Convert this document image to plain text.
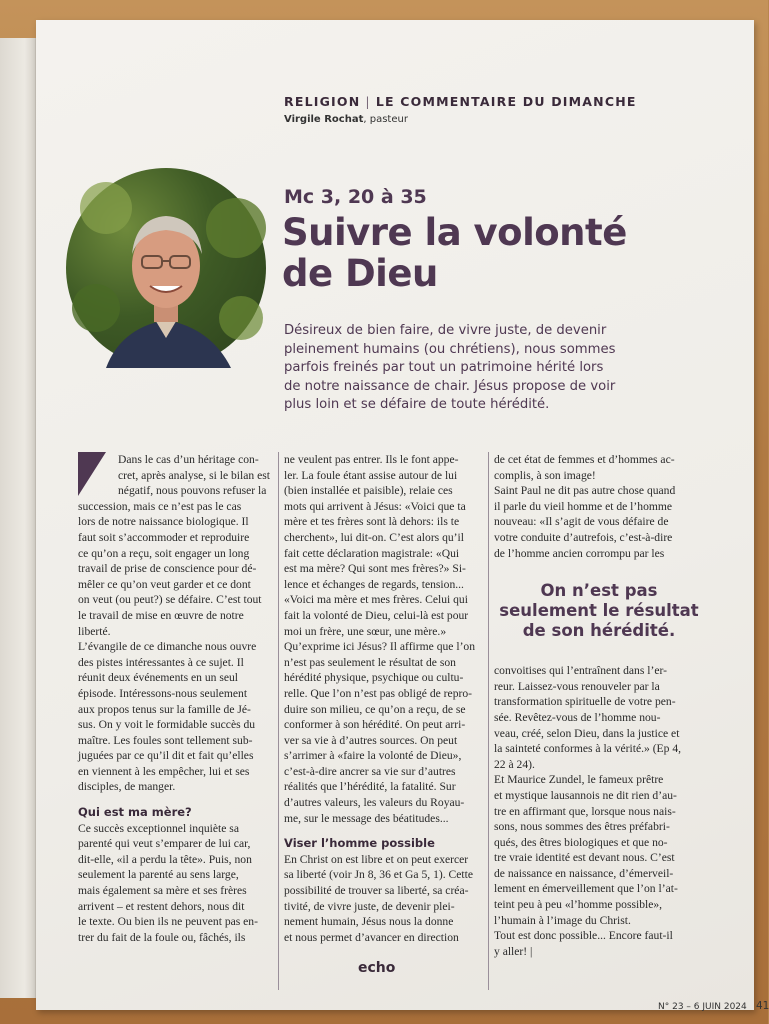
RELIGION | LE COMMENTAIRE DU DIMANCHE
Virgile Rochat, pasteur
Mc 3, 20 à 35
Suivre la volonté
de Dieu

Désireux de bien faire, de vivre juste, de devenir
pleinement humains (ou chrétiens), nous sommes
parfois freinés par tout un patrimoine hérité lors
de notre naissance de chair. Jésus propose de voir
plus loin et se défaire de toute hérédité.

Dans le cas d’un héritage con-
cret, après analyse, si le bilan est
négatif, nous pouvons refuser la
succession, mais ce n’est pas le cas
lors de notre naissance biologique. Il
faut soit s’accommoder et reproduire
ce qu’on a reçu, soit engager un long
travail de prise de conscience pour dé-
mêler ce qu’on veut garder et ce dont
on veut (ou peut?) se défaire. C’est tout
le travail de mise en œuvre de notre
liberté.
L’évangile de ce dimanche nous ouvre
des pistes intéressantes à ce sujet. Il
réunit deux événements en un seul
épisode. Intéressons-nous seulement
aux propos tenus sur la famille de Jé-
sus. On y voit le formidable succès du
maître. Les foules sont tellement sub-
juguées par ce qu’il dit et fait qu’elles
en viennent à les empêcher, lui et ses
disciples, de manger.
Qui est ma mère?
Ce succès exceptionnel inquiète sa
parenté qui veut s’emparer de lui car,
dit-elle, «il a perdu la tête». Puis, non
seulement la parenté au sens large,
mais également sa mère et ses frères
arrivent – et restent dehors, nous dit
le texte. Ou bien ils ne peuvent pas en-
trer du fait de la foule ou, fâchés, ils
ne veulent pas entrer. Ils le font appe-
ler. La foule étant assise autour de lui
(bien installée et paisible), relaie ces
mots qui arrivent à Jésus: «Voici que ta
mère et tes frères sont là dehors: ils te
cherchent», lui dit-on. C’est alors qu’il
fait cette déclaration magistrale: «Qui
est ma mère? Qui sont mes frères?» Si-
lence et échanges de regards, tension...
«Voici ma mère et mes frères. Celui qui
fait la volonté de Dieu, celui-là est pour
moi un frère, une sœur, une mère.»
Qu’exprime ici Jésus? Il affirme que l’on
n’est pas seulement le résultat de son
hérédité physique, psychique ou cultu-
relle. Que l’on n’est pas obligé de repro-
duire son milieu, ce qu’on a reçu, de se
conformer à son hérédité. On peut arri-
ver sa vie à d’autres sources. On peut
s’arrimer à «faire la volonté de Dieu»,
c’est-à-dire ancrer sa vie sur d’autres
réalités que l’hérédité, la fatalité. Sur
d’autres valeurs, les valeurs du Royau-
me, sur le message des béatitudes...
Viser l’homme possible
En Christ on est libre et on peut exercer
sa liberté (voir Jn 8, 36 et Ga 5, 1). Cette
possibilité de trouver sa liberté, sa créa-
tivité, de vivre juste, de devenir plei-
nement humain, Jésus nous la donne
et nous permet d’avancer en direction
de cet état de femmes et d’hommes ac-
complis, à son image!
Saint Paul ne dit pas autre chose quand
il parle du vieil homme et de l’homme
nouveau: «Il s’agit de vous défaire de
votre conduite d’autrefois, c’est-à-dire
de l’homme ancien corrompu par les
On n’est pas
seulement le résultat
de son hérédité.
convoitises qui l’entraînent dans l’er-
reur. Laissez-vous renouveler par la
transformation spirituelle de votre pen-
sée. Revêtez-vous de l’homme nou-
veau, créé, selon Dieu, dans la justice et
la sainteté conformes à la vérité.» (Ep 4,
22 à 24).
Et Maurice Zundel, le fameux prêtre
et mystique lausannois ne dit rien d’au-
tre en affirmant que, lorsque nous nais-
sons, nous sommes des êtres préfabri-
qués, des êtres biologiques et que no-
tre vraie identité est devant nous. C’est
de naissance en naissance, d’émerveil-
lement en émerveillement que l’on l’at-
teint peu à peu «l’homme possible»,
l’humain à l’image du Christ.
Tout est donc possible... Encore faut-il
y aller! |
echo
N° 23 – 6 JUIN 2024 41
